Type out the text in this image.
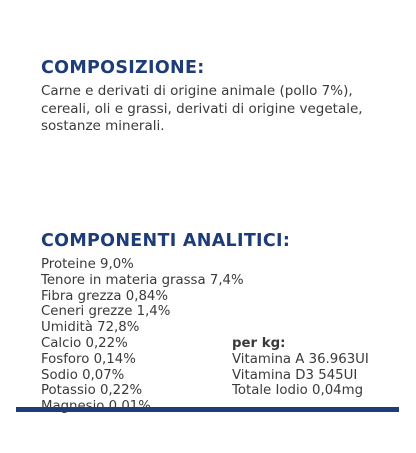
COMPOSIZIONE:

Carne e derivati di origine animale (pollo 7%), cereali, oli e grassi, derivati di origine vegetale, sostanze minerali.

COMPONENTI ANALITICI:
Proteine 9,0%
Tenore in materia grassa 7,4%
Fibra grezza 0,84%
Ceneri grezze 1,4%
Umidità 72,8%
Calcio 0,22%
Fosforo 0,14%
Sodio 0,07%
Potassio 0,22%
per kg:
Vitamina A 36.963UI
Vitamina D3 545UI
Totale Iodio 0,04mg
